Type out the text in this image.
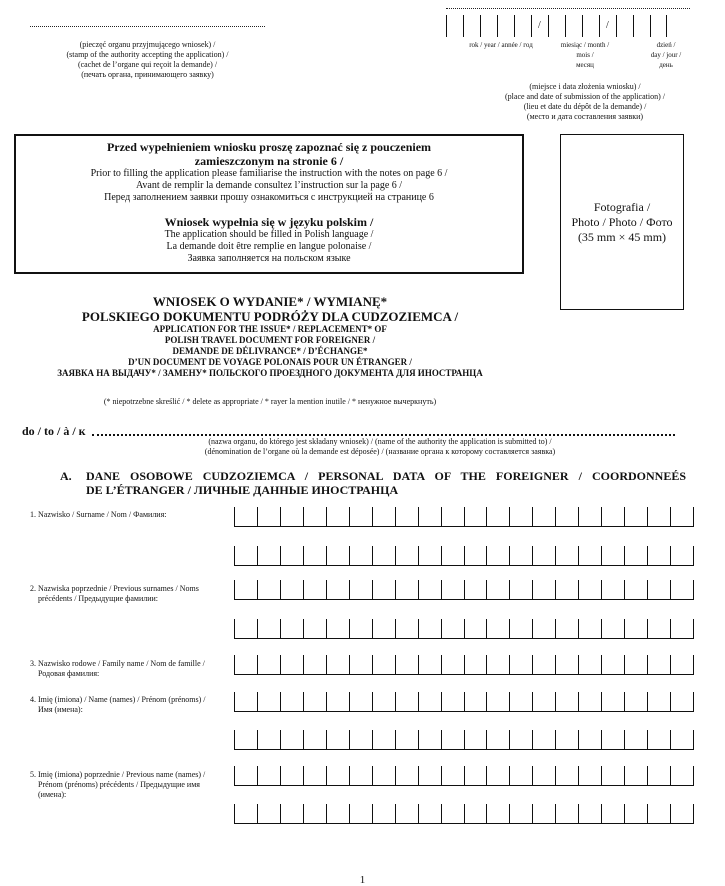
(pieczęć organu przyjmującego wniosek) /
(stamp of the authority accepting the application) /
(cachet de l’organe qui reçoit la demande) /
(печать органа, принимающего заявку)
/	/
rok / year / année / год	miesiąc / month / mois /
месяц
dzień /
day / jour /
день
(miejsce i data złożenia wniosku) /
(place and date of submission of the application) /
(lieu et date du dépôt de la demande) /
(место и дата составления заявки)
Przed wypełnieniem wniosku proszę zapoznać się z pouczeniem
zamieszczonym na stronie 6 /
Prior to filling the application please familiarise the instruction with the notes on page 6 /
Avant de remplir la demande consultez l’instruction sur la page 6 /
Перед заполнением заявки прошу ознакомиться с инструкцией на странице 6
Wniosek wypełnia się w języku polskim /
The application should be filled in Polish language /
La demande doit être remplie en langue polonaise /
Заявка заполняется на польском языке
Fotografia /
Photo / Photo / Фото
(35 mm × 45 mm)
WNIOSEK O WYDANIE* / WYMIANĘ*
POLSKIEGO DOKUMENTU PODRÓŻY DLA CUDZOZIEMCA /
APPLICATION FOR THE ISSUE* / REPLACEMENT* OF
POLISH TRAVEL DOCUMENT FOR FOREIGNER /
DEMANDE DE DÉLIVRANCE* / D’ÉCHANGE*
D’UN DOCUMENT DE VOYAGE POLONAIS POUR UN ÉTRANGER /
ЗАЯВКА НА ВЫДАЧУ* / ЗАМЕНУ* ПОЛЬСКОГО ПРОЕЗДНОГО ДОКУМЕНТА ДЛЯ ИНОСТРАНЦА
(* niepotrzebne skreślić / * delete as appropriate / * rayer la mention inutile / * ненужное вычеркнуть)
do / to / à / к
(nazwa organu, do którego jest składany wniosek) / (name of the authority the application is submitted to) /
(dénomination de l’organe où la demande est déposée) / (название органа к которому составляется заявка)
A. DANE OSOBOWE CUDZOZIEMCA / PERSONAL DATA OF THE FOREIGNER / COORDONNEÉS
DE L’ÉTRANGER / ЛИЧНЫЕ ДАННЫЕ ИНОСТРАНЦА
1. Nazwisko / Surname / Nom / Фамилия:
2. Nazwiska poprzednie / Previous surnames / Noms
précédents / Предыдущие фамилии:
3. Nazwisko rodowe / Family name / Nom de famille /
Родовая фамилия:
4. Imię (imiona) / Name (names) / Prénom (prénoms) /
Имя (имена):
5. Imię (imiona) poprzednie / Previous name (names) /
Prénom (prénoms) précédents / Предыдущие имя
(имена):
1
